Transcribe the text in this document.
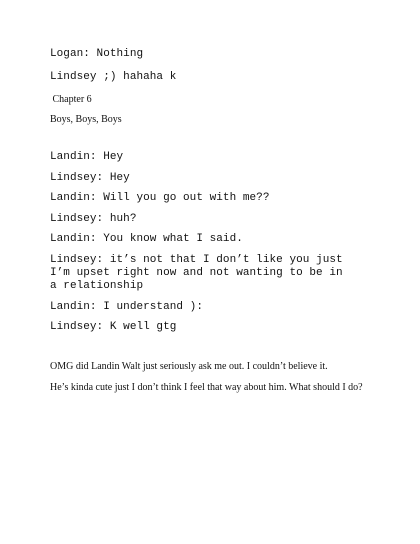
Logan: Nothing
Lindsey ;) hahaha k
Chapter 6
Boys, Boys, Boys
Landin: Hey
Lindsey: Hey
Landin: Will you go out with me??
Lindsey: huh?
Landin: You know what I said.
Lindsey: it’s not that I don’t like you just I’m upset right now and not wanting to be in a relationship
Landin: I understand ):
Lindsey: K well gtg
OMG did Landin Walt just seriously ask me out. I couldn’t believe it.
He’s kinda cute just I don’t think I feel that way about him. What should I do?
